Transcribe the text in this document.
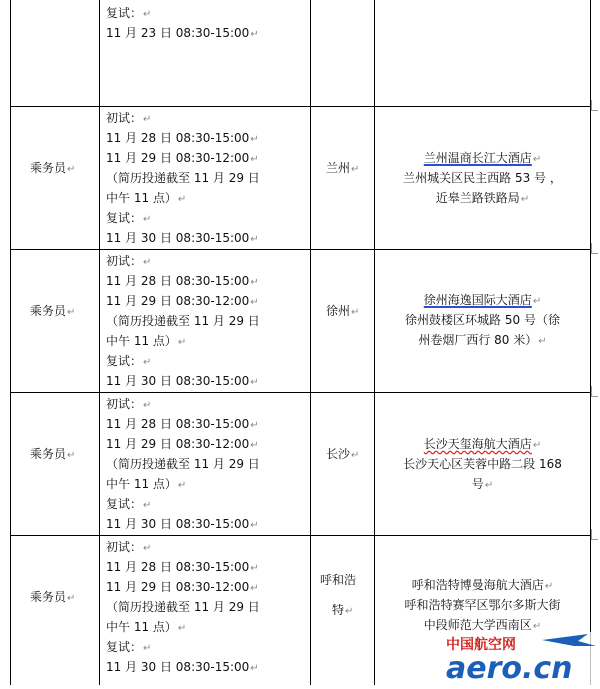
复试：↵
11 月 23 日 08:30-15:00↵
乘务员↵
初试：↵
11 月 28 日 08:30-15:00↵
11 月 29 日 08:30-12:00↵
（简历投递截至 11 月 29 日
中午 11 点）↵
复试：↵
11 月 30 日 08:30-15:00↵
兰州↵
兰州温商长江大酒店↵
兰州城关区民主西路 53 号 ，
近皋兰路铁路局↵
乘务员↵
初试：↵
11 月 28 日 08:30-15:00↵
11 月 29 日 08:30-12:00↵
（简历投递截至 11 月 29 日
中午 11 点）↵
复试：↵
11 月 30 日 08:30-15:00↵
徐州↵
徐州海逸国际大酒店↵
徐州鼓楼区环城路 50 号（徐
州卷烟厂西行 80 米）↵
乘务员↵
初试：↵
11 月 28 日 08:30-15:00↵
11 月 29 日 08:30-12:00↵
（简历投递截至 11 月 29 日
中午 11 点）↵
复试：↵
11 月 30 日 08:30-15:00↵
长沙↵
长沙天玺海航大酒店↵
长沙天心区芙蓉中路二段 168
号↵
乘务员↵
初试：↵
11 月 28 日 08:30-15:00↵
11 月 29 日 08:30-12:00↵
（简历投递截至 11 月 29 日
中午 11 点）↵
复试：↵
11 月 30 日 08:30-15:00↵
呼和浩
特↵
呼和浩特博曼海航大酒店↵
呼和浩特赛罕区鄂尔多斯大街
中段师范大学西南区↵
中国航空网
aero.cn
